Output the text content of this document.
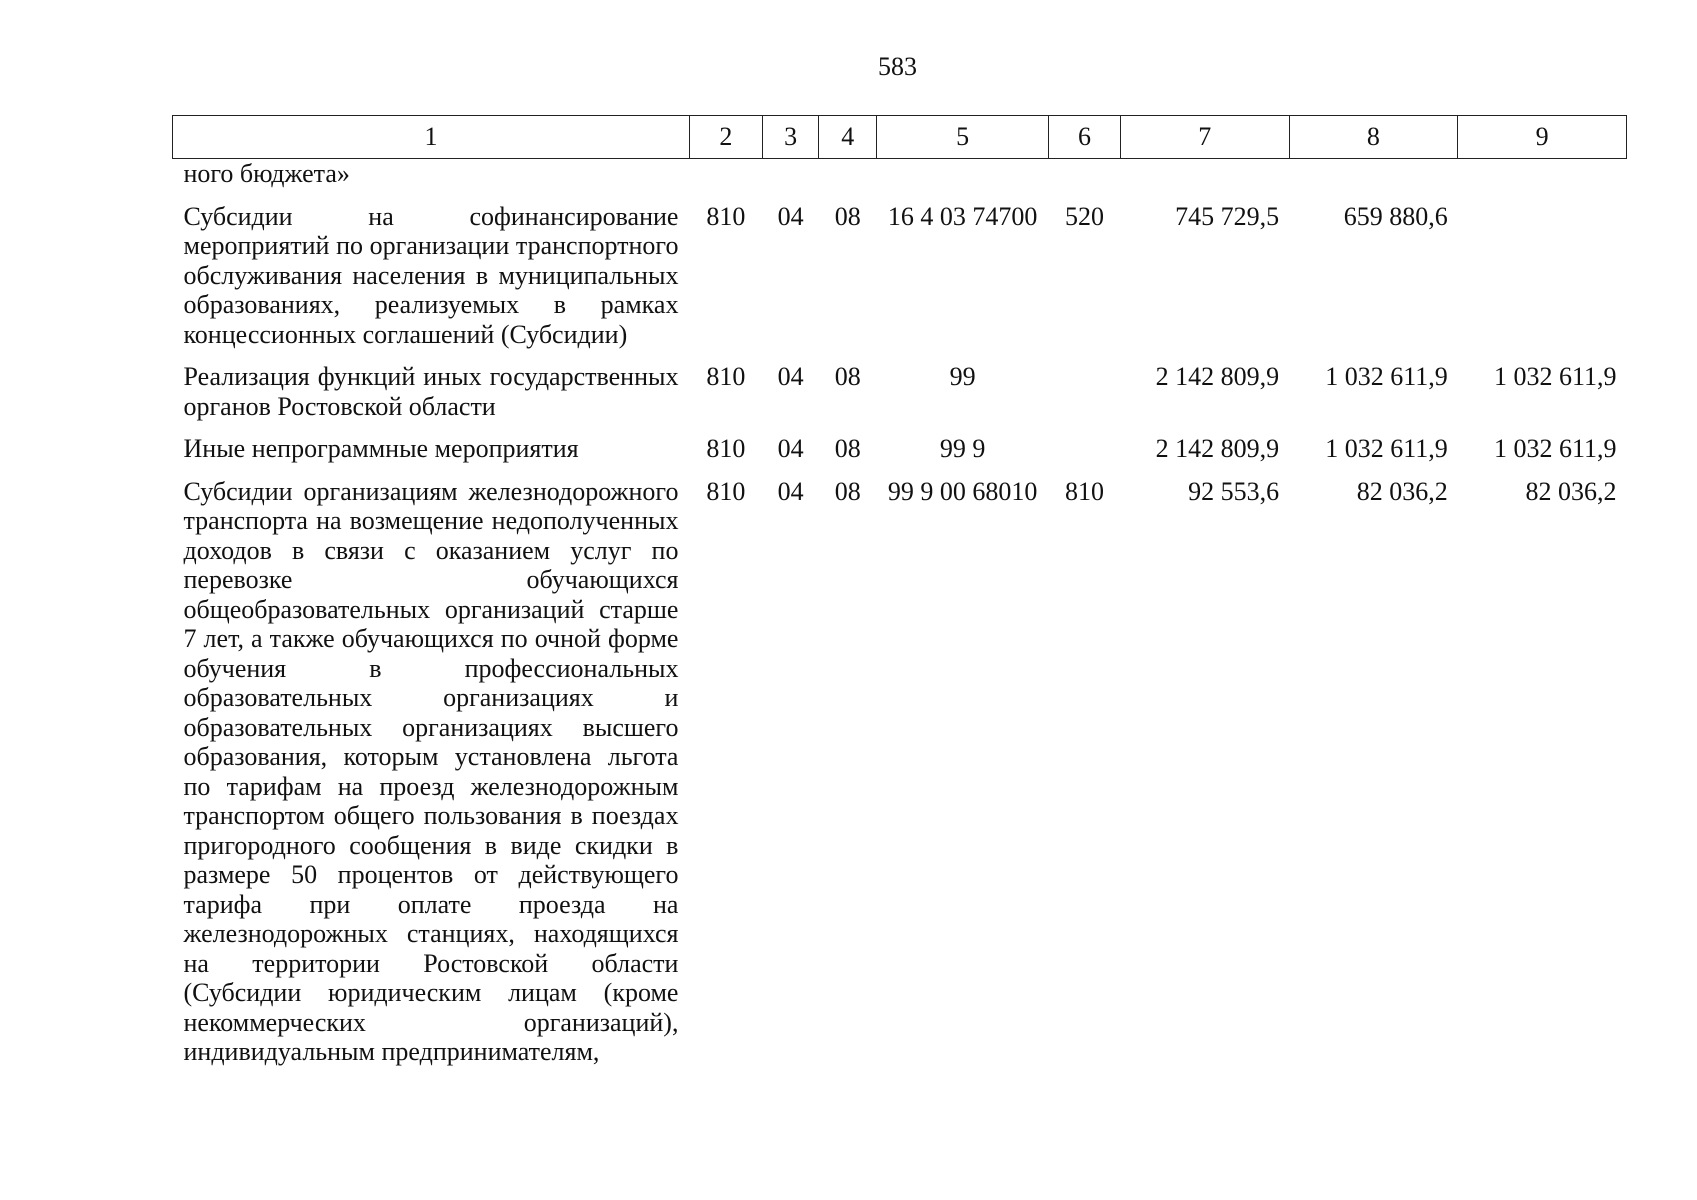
583
1	2	3	4	5	6	7	8	9
ного бюджета»								
Субсидии на софинансирование мероприятий по организации транспортного обслуживания населения в муниципальных образованиях, реализуемых в рамках концессионных соглашений (Субсидии)	810	04	08	16 4 03 74700	520	745 729,5	659 880,6	
Реализация функций иных государственных органов Ростовской области	810	04	08	99		2 142 809,9	1 032 611,9	1 032 611,9
Иные непрограммные мероприятия	810	04	08	99 9		2 142 809,9	1 032 611,9	1 032 611,9
Субсидии организациям железнодорожного транспорта на возмещение недополученных доходов в связи с оказанием услуг по перевозке обучающихся общеобразовательных организаций старше 7 лет, а также обучающихся по очной форме обучения в профессиональных образовательных организациях и образовательных организациях высшего образования, которым установлена льгота по тарифам на проезд железнодорожным транспортом общего пользования в поездах пригородного сообщения в виде скидки в размере 50 процентов от действующего тарифа при оплате проезда на железнодорожных станциях, находящихся на территории Ростовской области (Субсидии юридическим лицам (кроме некоммерческих организаций), индивидуальным предпринимателям,	810	04	08	99 9 00 68010	810	92 553,6	82 036,2	82 036,2
